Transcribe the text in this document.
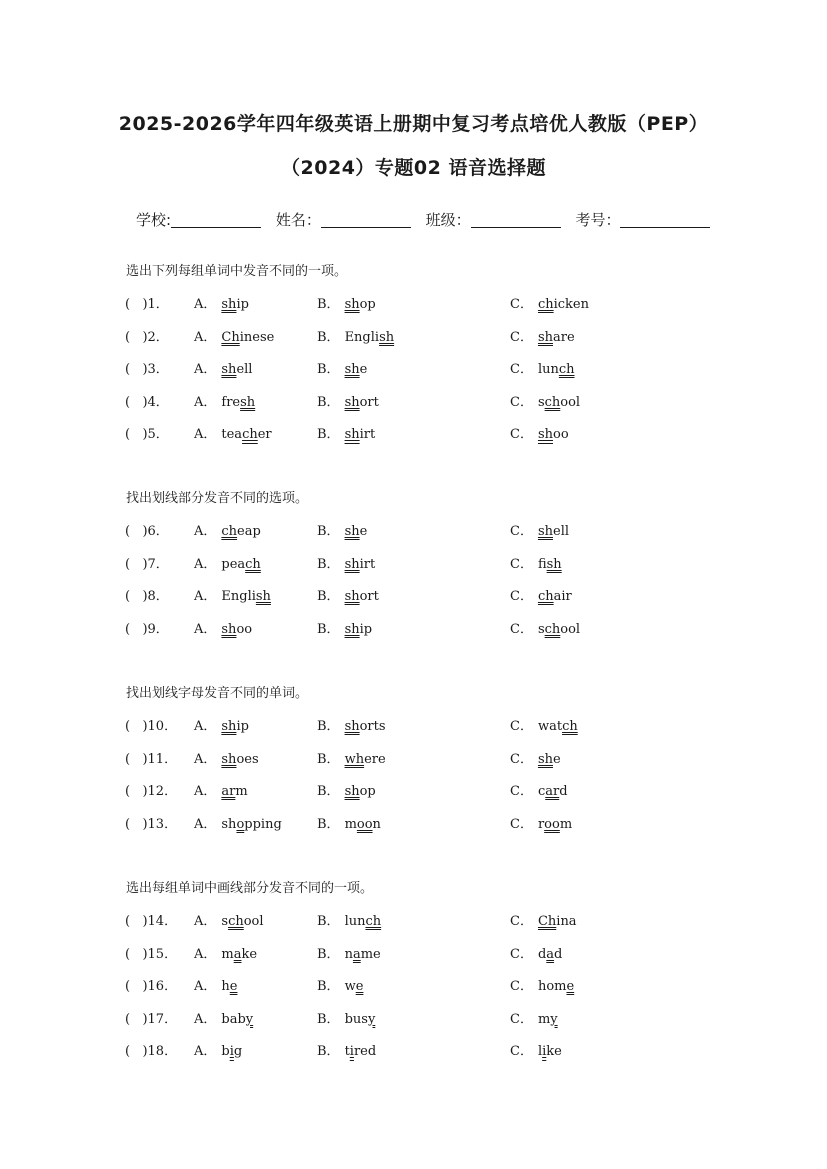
2025-2026学年四年级英语上册期中复习考点培优人教版（PEP）
（2024）专题02 语音选择题
学校:	姓名：	班级：	考号：
选出下列每组单词中发音不同的一项。
(   )1． A． ship	B． shop	C． chicken
(   )2． A． Chinese	B． English	C． share
(   )3． A． shell	B． she	C． lunch
(   )4． A． fresh	B． short	C． school
(   )5． A． teacher	B． shirt	C． shoo
找出划线部分发音不同的选项。
(   )6． A． cheap	B． she	C． shell
(   )7． A． peach	B． shirt	C． fish
(   )8． A． English	B． short	C． chair
(   )9． A． shoo	B． ship	C． school
找出划线字母发音不同的单词。
(   )10． A． ship	B． shorts	C． watch
(   )11． A． shoes	B． where	C． she
(   )12． A． arm	B． shop	C． card
(   )13． A． shopping	B． moon	C． room
选出每组单词中画线部分发音不同的一项。
(   )14． A． school	B． lunch	C． China
(   )15． A． make	B． name	C． dad
(   )16． A． he	B． we	C． home
(   )17． A． baby	B． busy	C． my
(   )18． A． big	B． tired	C． like
